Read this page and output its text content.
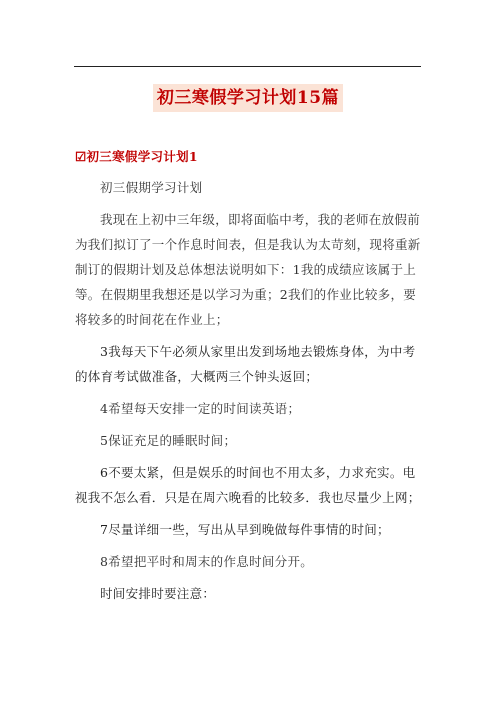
初三寒假学习计划15篇
☑初三寒假学习计划1

初三假期学习计划

我现在上初中三年级，即将面临中考，我的老师在放假前为我们拟订了一个作息时间表，但是我认为太苛刻，现将重新制订的假期计划及总体想法说明如下：1我的成绩应该属于上等。在假期里我想还是以学习为重；2我们的作业比较多，要将较多的时间花在作业上；

3我每天下午必须从家里出发到场地去锻炼身体，为中考的体育考试做准备，大概两三个钟头返回；

4希望每天安排一定的时间读英语；

5保证充足的睡眠时间；

6不要太紧，但是娱乐的时间也不用太多，力求充实。电视我不怎么看．只是在周六晚看的比较多．我也尽量少上网；

7尽量详细一些，写出从早到晚做每件事情的时间；

8希望把平时和周末的作息时间分开。

时间安排时要注意：
